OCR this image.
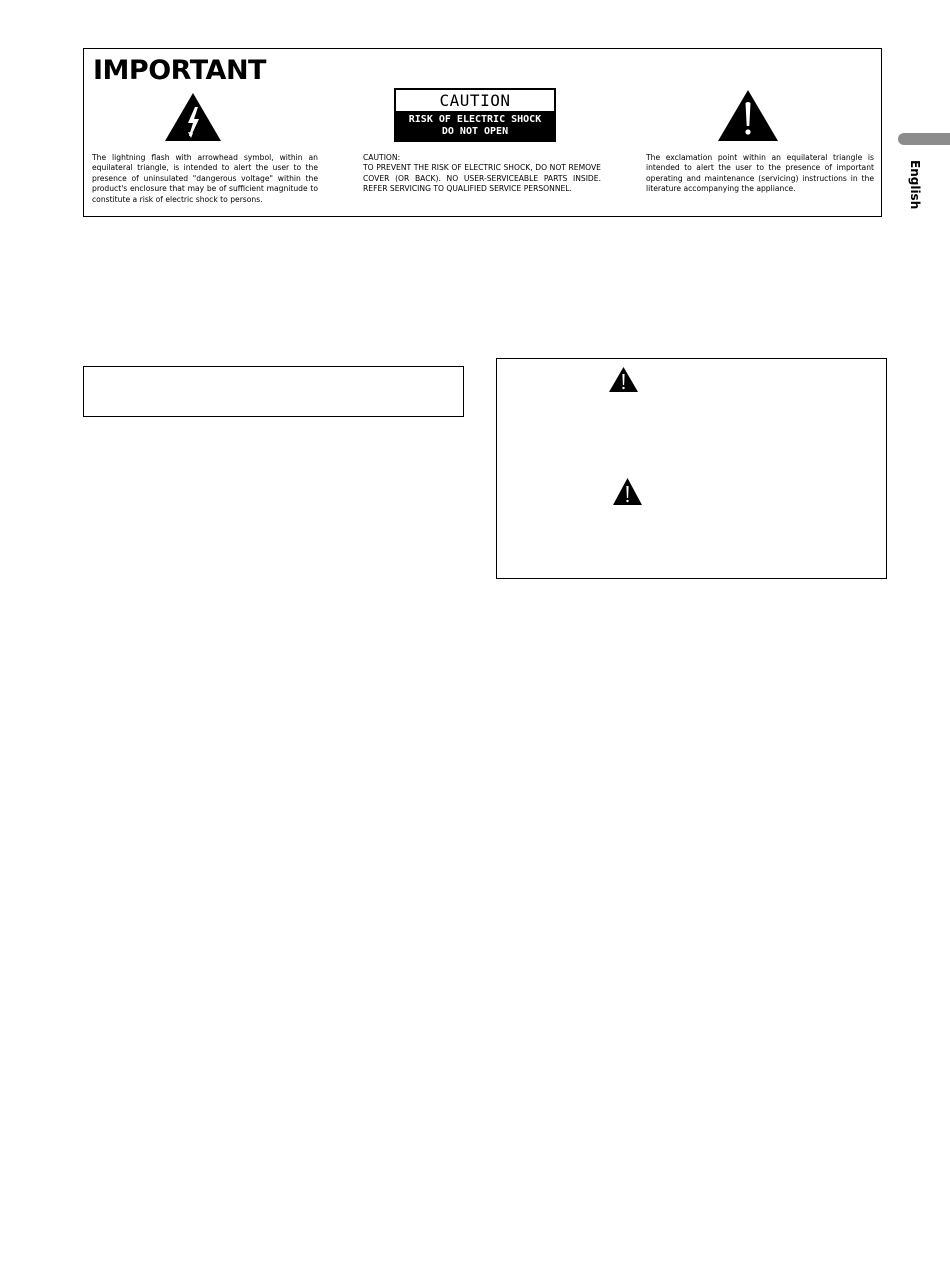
IMPORTANT

The lightning flash with arrowhead symbol, within an equilateral triangle, is intended to alert the user to the presence of uninsulated "dangerous voltage" within the product's enclosure that may be of sufficient magnitude to constitute a risk of electric shock to persons.

CAUTION
RISK OF ELECTRIC SHOCK
DO NOT OPEN
CAUTION:
TO PREVENT THE RISK OF ELECTRIC SHOCK, DO NOT REMOVE COVER (OR BACK). NO USER-SERVICEABLE PARTS INSIDE. REFER SERVICING TO QUALIFIED SERVICE PERSONNEL.

The exclamation point within an equilateral triangle is intended to alert the user to the presence of important operating and maintenance (servicing) instructions in the literature accompanying the appliance.	English
